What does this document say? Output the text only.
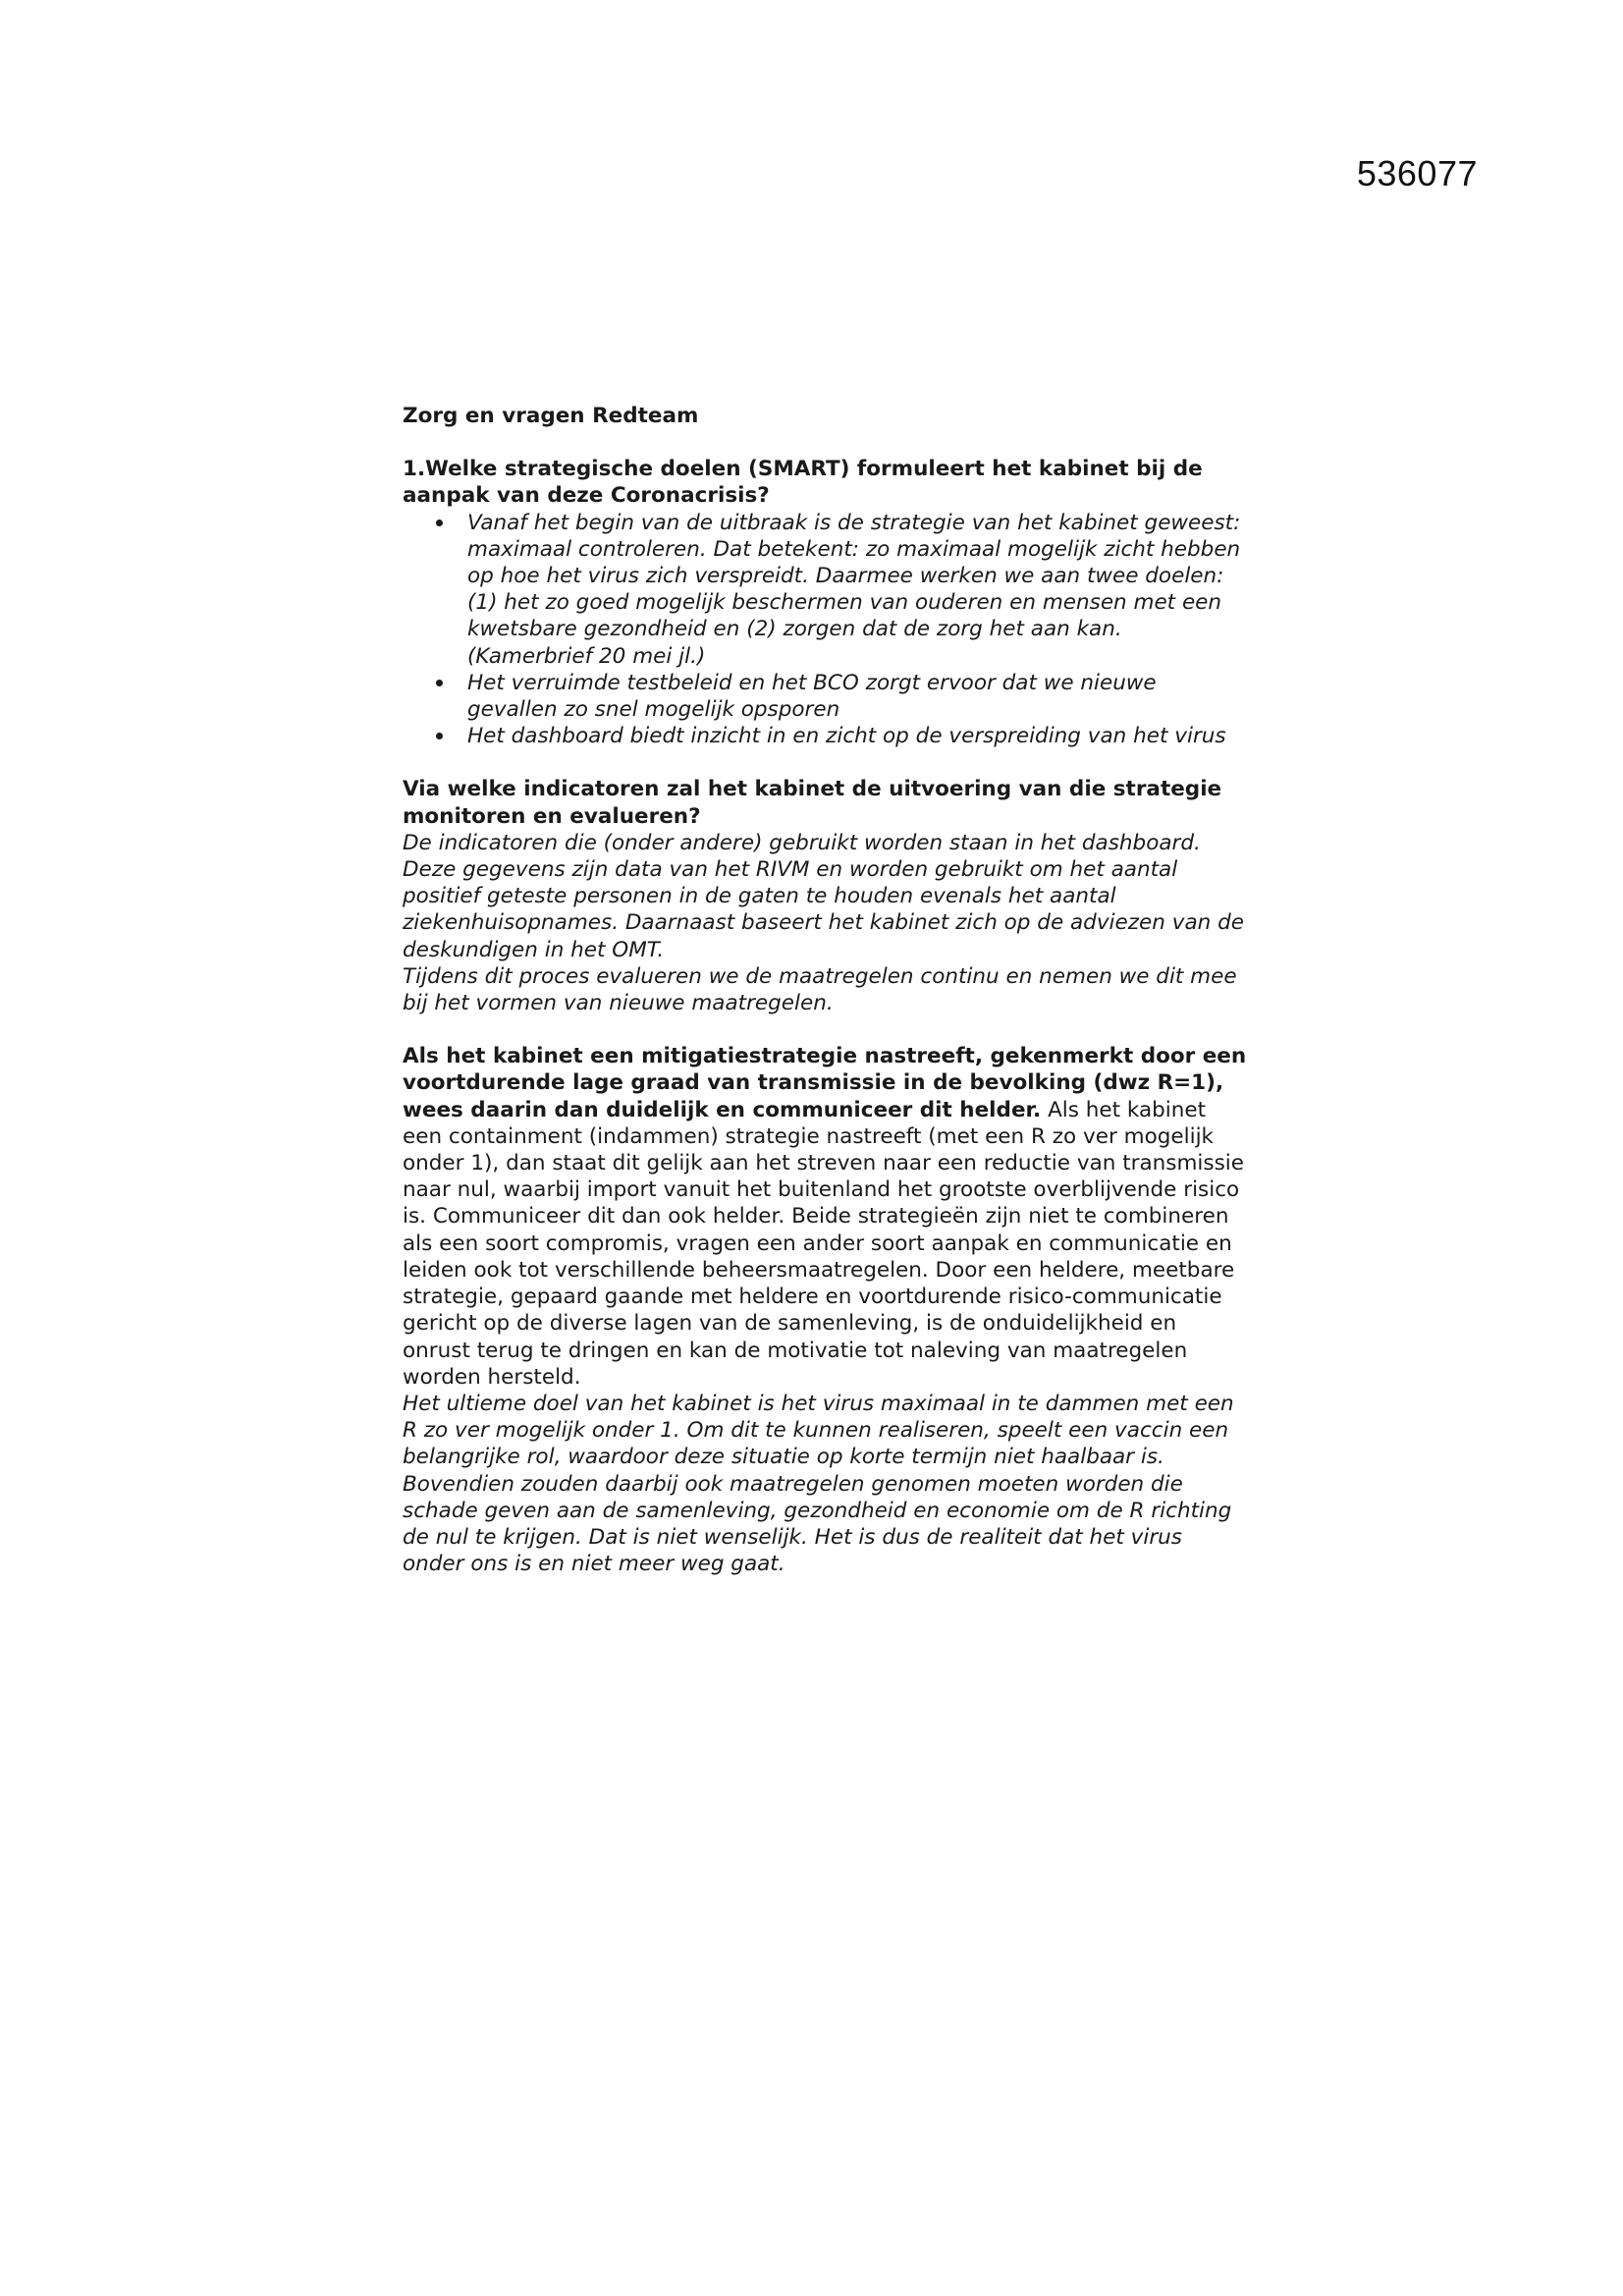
536077
Zorg en vragen Redteam
1.Welke strategische doelen (SMART) formuleert het kabinet bij de aanpak van deze Coronacrisis?
Vanaf het begin van de uitbraak is de strategie van het kabinet geweest: maximaal controleren. Dat betekent: zo maximaal mogelijk zicht hebben op hoe het virus zich verspreidt. Daarmee werken we aan twee doelen: (1) het zo goed mogelijk beschermen van ouderen en mensen met een kwetsbare gezondheid en (2) zorgen dat de zorg het aan kan. (Kamerbrief 20 mei jl.)
Het verruimde testbeleid en het BCO zorgt ervoor dat we nieuwe gevallen zo snel mogelijk opsporen
Het dashboard biedt inzicht in en zicht op de verspreiding van het virus
Via welke indicatoren zal het kabinet de uitvoering van die strategie monitoren en evalueren?

De indicatoren die (onder andere) gebruikt worden staan in het dashboard. Deze gegevens zijn data van het RIVM en worden gebruikt om het aantal positief geteste personen in de gaten te houden evenals het aantal ziekenhuisopnames. Daarnaast baseert het kabinet zich op de adviezen van de deskundigen in het OMT.

Tijdens dit proces evalueren we de maatregelen continu en nemen we dit mee bij het vormen van nieuwe maatregelen.

Als het kabinet een mitigatiestrategie nastreeft, gekenmerkt door een voortdurende lage graad van transmissie in de bevolking (dwz R=1), wees daarin dan duidelijk en communiceer dit helder. Als het kabinet een containment (indammen) strategie nastreeft (met een R zo ver mogelijk onder 1), dan staat dit gelijk aan het streven naar een reductie van transmissie naar nul, waarbij import vanuit het buitenland het grootste overblijvende risico is. Communiceer dit dan ook helder. Beide strategieën zijn niet te combineren als een soort compromis, vragen een ander soort aanpak en communicatie en leiden ook tot verschillende beheersmaatregelen. Door een heldere, meetbare strategie, gepaard gaande met heldere en voortdurende risico-communicatie gericht op de diverse lagen van de samenleving, is de onduidelijkheid en onrust terug te dringen en kan de motivatie tot naleving van maatregelen worden hersteld.

Het ultieme doel van het kabinet is het virus maximaal in te dammen met een R zo ver mogelijk onder 1. Om dit te kunnen realiseren, speelt een vaccin een belangrijke rol, waardoor deze situatie op korte termijn niet haalbaar is. Bovendien zouden daarbij ook maatregelen genomen moeten worden die schade geven aan de samenleving, gezondheid en economie om de R richting de nul te krijgen. Dat is niet wenselijk. Het is dus de realiteit dat het virus onder ons is en niet meer weg gaat.
